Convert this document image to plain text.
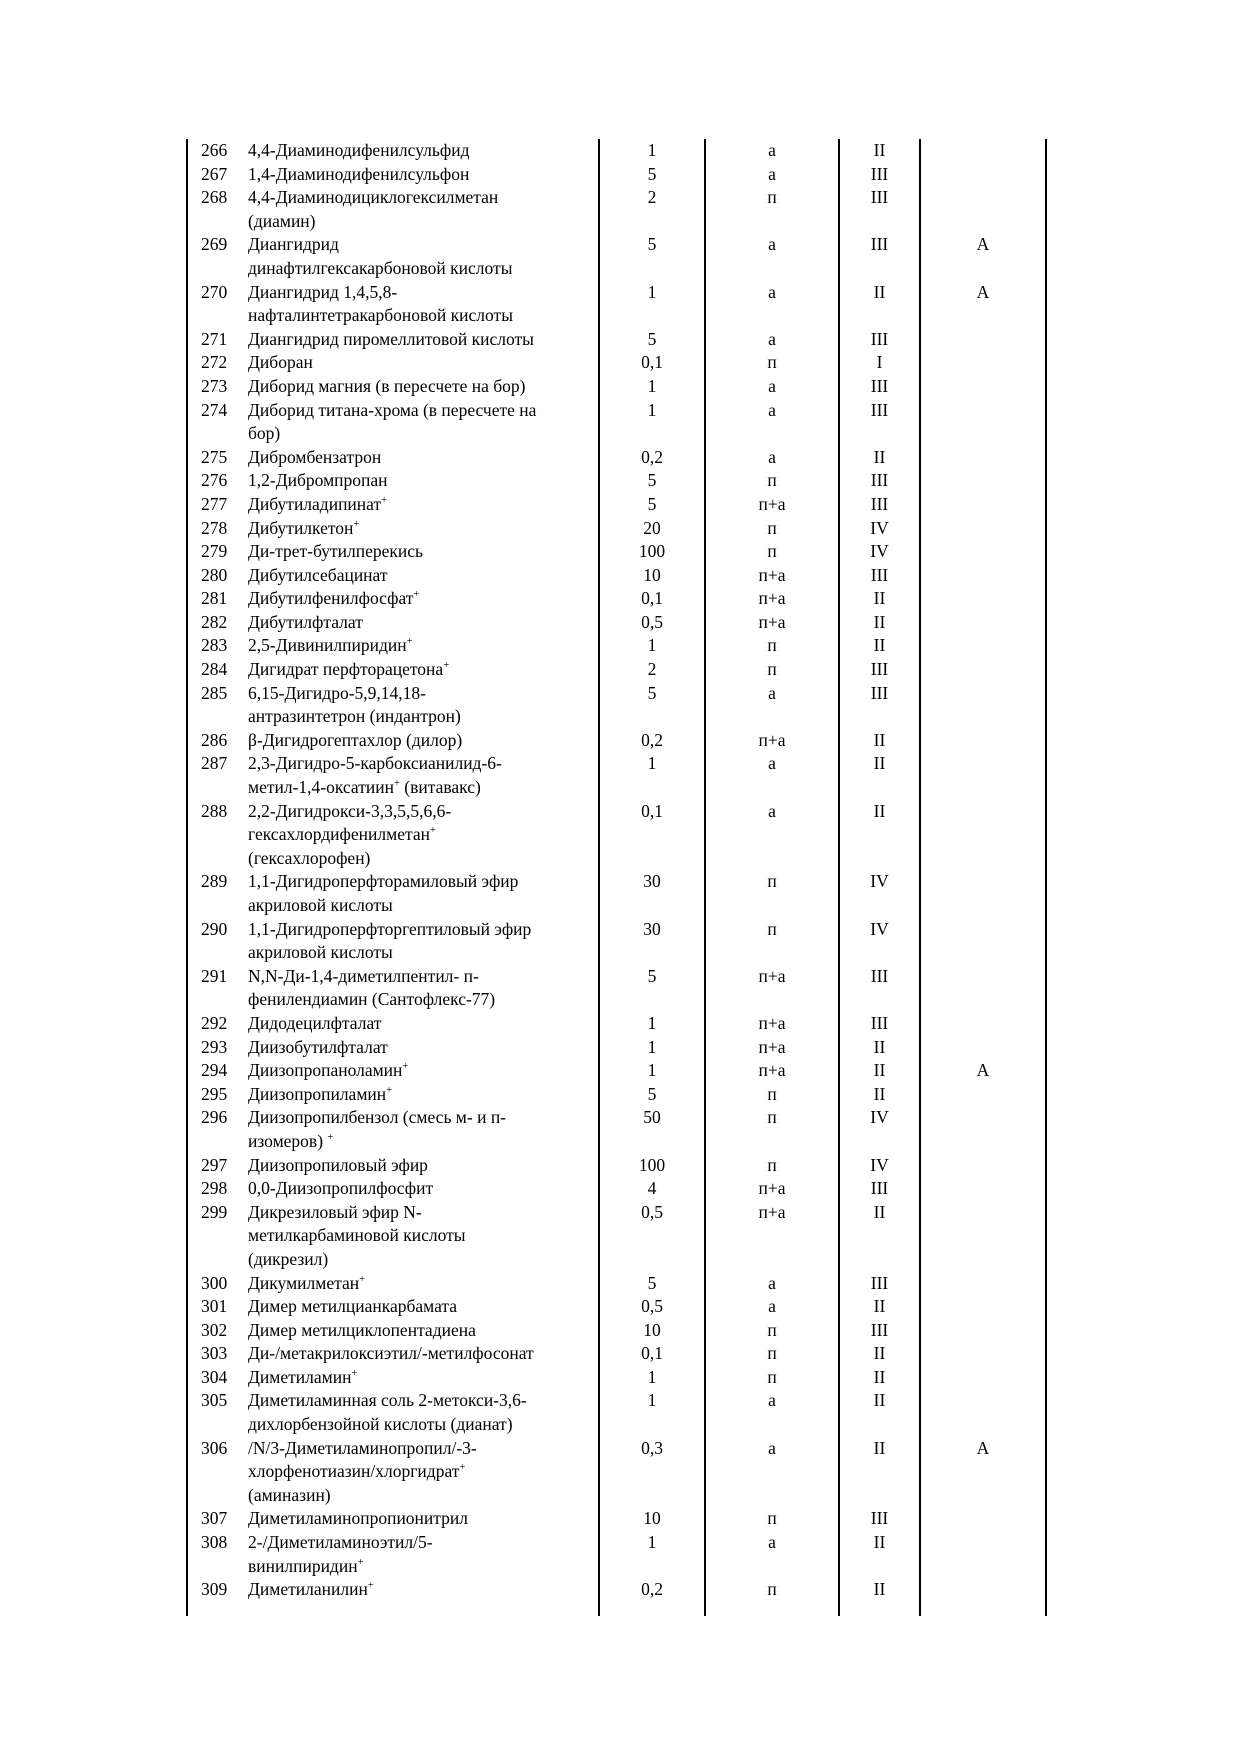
266	4,4-Диаминодифенилсульфид	1	а	II	
267	1,4-Диаминодифенилсульфон	5	а	III	
268	4,4-Диаминодициклогексилметан
(диамин)	2	п	III	
269	Диангидрид
динафтилгексакарбоновой кислоты	5	а	III	А
270	Диангидрид 1,4,5,8-
нафталинтетракарбоновой кислоты	1	а	II	А
271	Диангидрид пиромеллитовой кислоты	5	а	III	
272	Диборан	0,1	п	I	
273	Диборид магния (в пересчете на бор)	1	а	III	
274	Диборид титана-хрома (в пересчете на
бор)	1	а	III	
275	Дибромбензатрон	0,2	а	II	
276	1,2-Дибромпропан	5	п	III	
277	Дибутиладипинат+	5	п+а	III	
278	Дибутилкетон+	20	п	IV	
279	Ди-трет-бутилперекись	100	п	IV	
280	Дибутилсебацинат	10	п+а	III	
281	Дибутилфенилфосфат+	0,1	п+а	II	
282	Дибутилфталат	0,5	п+а	II	
283	2,5-Дивинилпиридин+	1	п	II	
284	Дигидрат перфторацетона+	2	п	III	
285	6,15-Дигидро-5,9,14,18-
антразинтетрон (индантрон)	5	а	III	
286	β-Дигидрогептахлор (дилор)	0,2	п+а	II	
287	2,3-Дигидро-5-карбоксианилид-6-
метил-1,4-оксатиин+ (витавакс)	1	а	II	
288	2,2-Дигидрокси-3,3,5,5,6,6-
гексахлордифенилметан+
(гексахлорофен)	0,1	а	II	
289	1,1-Дигидроперфторамиловый эфир
акриловой кислоты	30	п	IV	
290	1,1-Дигидроперфторгептиловый эфир
акриловой кислоты	30	п	IV	
291	N,N-Ди-1,4-диметилпентил- п-
фенилендиамин (Сантофлекс-77)	5	п+а	III	
292	Дидодецилфталат	1	п+а	III	
293	Диизобутилфталат	1	п+а	II	
294	Диизопропаноламин+	1	п+а	II	А
295	Диизопропиламин+	5	п	II	
296	Диизопропилбензол (смесь м- и п-
изомеров) +	50	п	IV	
297	Диизопропиловый эфир	100	п	IV	
298	0,0-Диизопропилфосфит	4	п+а	III	
299	Дикрезиловый эфир N-
метилкарбаминовой кислоты
(дикрезил)	0,5	п+а	II	
300	Дикумилметан+	5	а	III	
301	Димер метилцианкарбамата	0,5	а	II	
302	Димер метилциклопентадиена	10	п	III	
303	Ди-/метакрилоксиэтил/-метилфосонат	0,1	п	II	
304	Диметиламин+	1	п	II	
305	Диметиламинная соль 2-метокси-3,6-
дихлорбензойной кислоты (дианат)	1	а	II	
306	/N/3-Диметиламинопропил/-3-
хлорфенотиазин/хлоргидрат+
(аминазин)	0,3	а	II	А
307	Диметиламинопропионитрил	10	п	III	
308	2-/Диметиламиноэтил/5-
винилпиридин+	1	а	II	
309	Диметиланилин+	0,2	п	II	
